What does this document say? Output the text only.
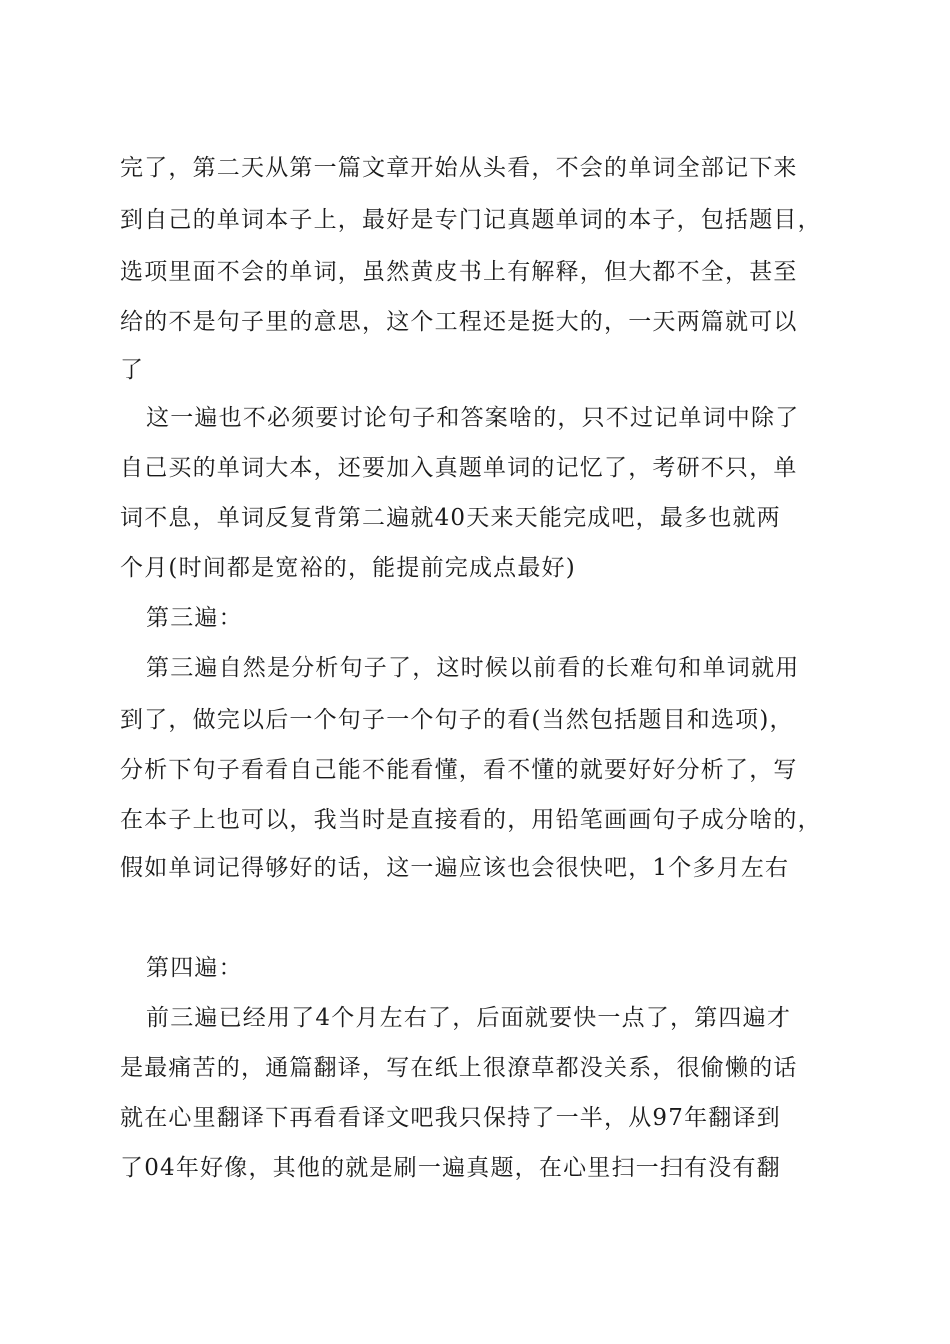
完了，第二天从第一篇文章开始从头看，不会的单词全部记下来
到自己的单词本子上，最好是专门记真题单词的本子，包括题目，
选项里面不会的单词，虽然黄皮书上有解释，但大都不全，甚至
给的不是句子里的意思，这个工程还是挺大的，一天两篇就可以
了
这一遍也不必须要讨论句子和答案啥的，只不过记单词中除了
自己买的单词大本，还要加入真题单词的记忆了，考研不只，单
词不息，单词反复背第二遍就40天来天能完成吧，最多也就两
个月(时间都是宽裕的，能提前完成点最好)
第三遍：
第三遍自然是分析句子了，这时候以前看的长难句和单词就用
到了，做完以后一个句子一个句子的看(当然包括题目和选项)，
分析下句子看看自己能不能看懂，看不懂的就要好好分析了，写
在本子上也可以，我当时是直接看的，用铅笔画画句子成分啥的，
假如单词记得够好的话，这一遍应该也会很快吧，1个多月左右
第四遍：
前三遍已经用了4个月左右了，后面就要快一点了，第四遍才
是最痛苦的，通篇翻译，写在纸上很潦草都没关系，很偷懒的话
就在心里翻译下再看看译文吧我只保持了一半，从97年翻译到
了04年好像，其他的就是刷一遍真题，在心里扫一扫有没有翻
